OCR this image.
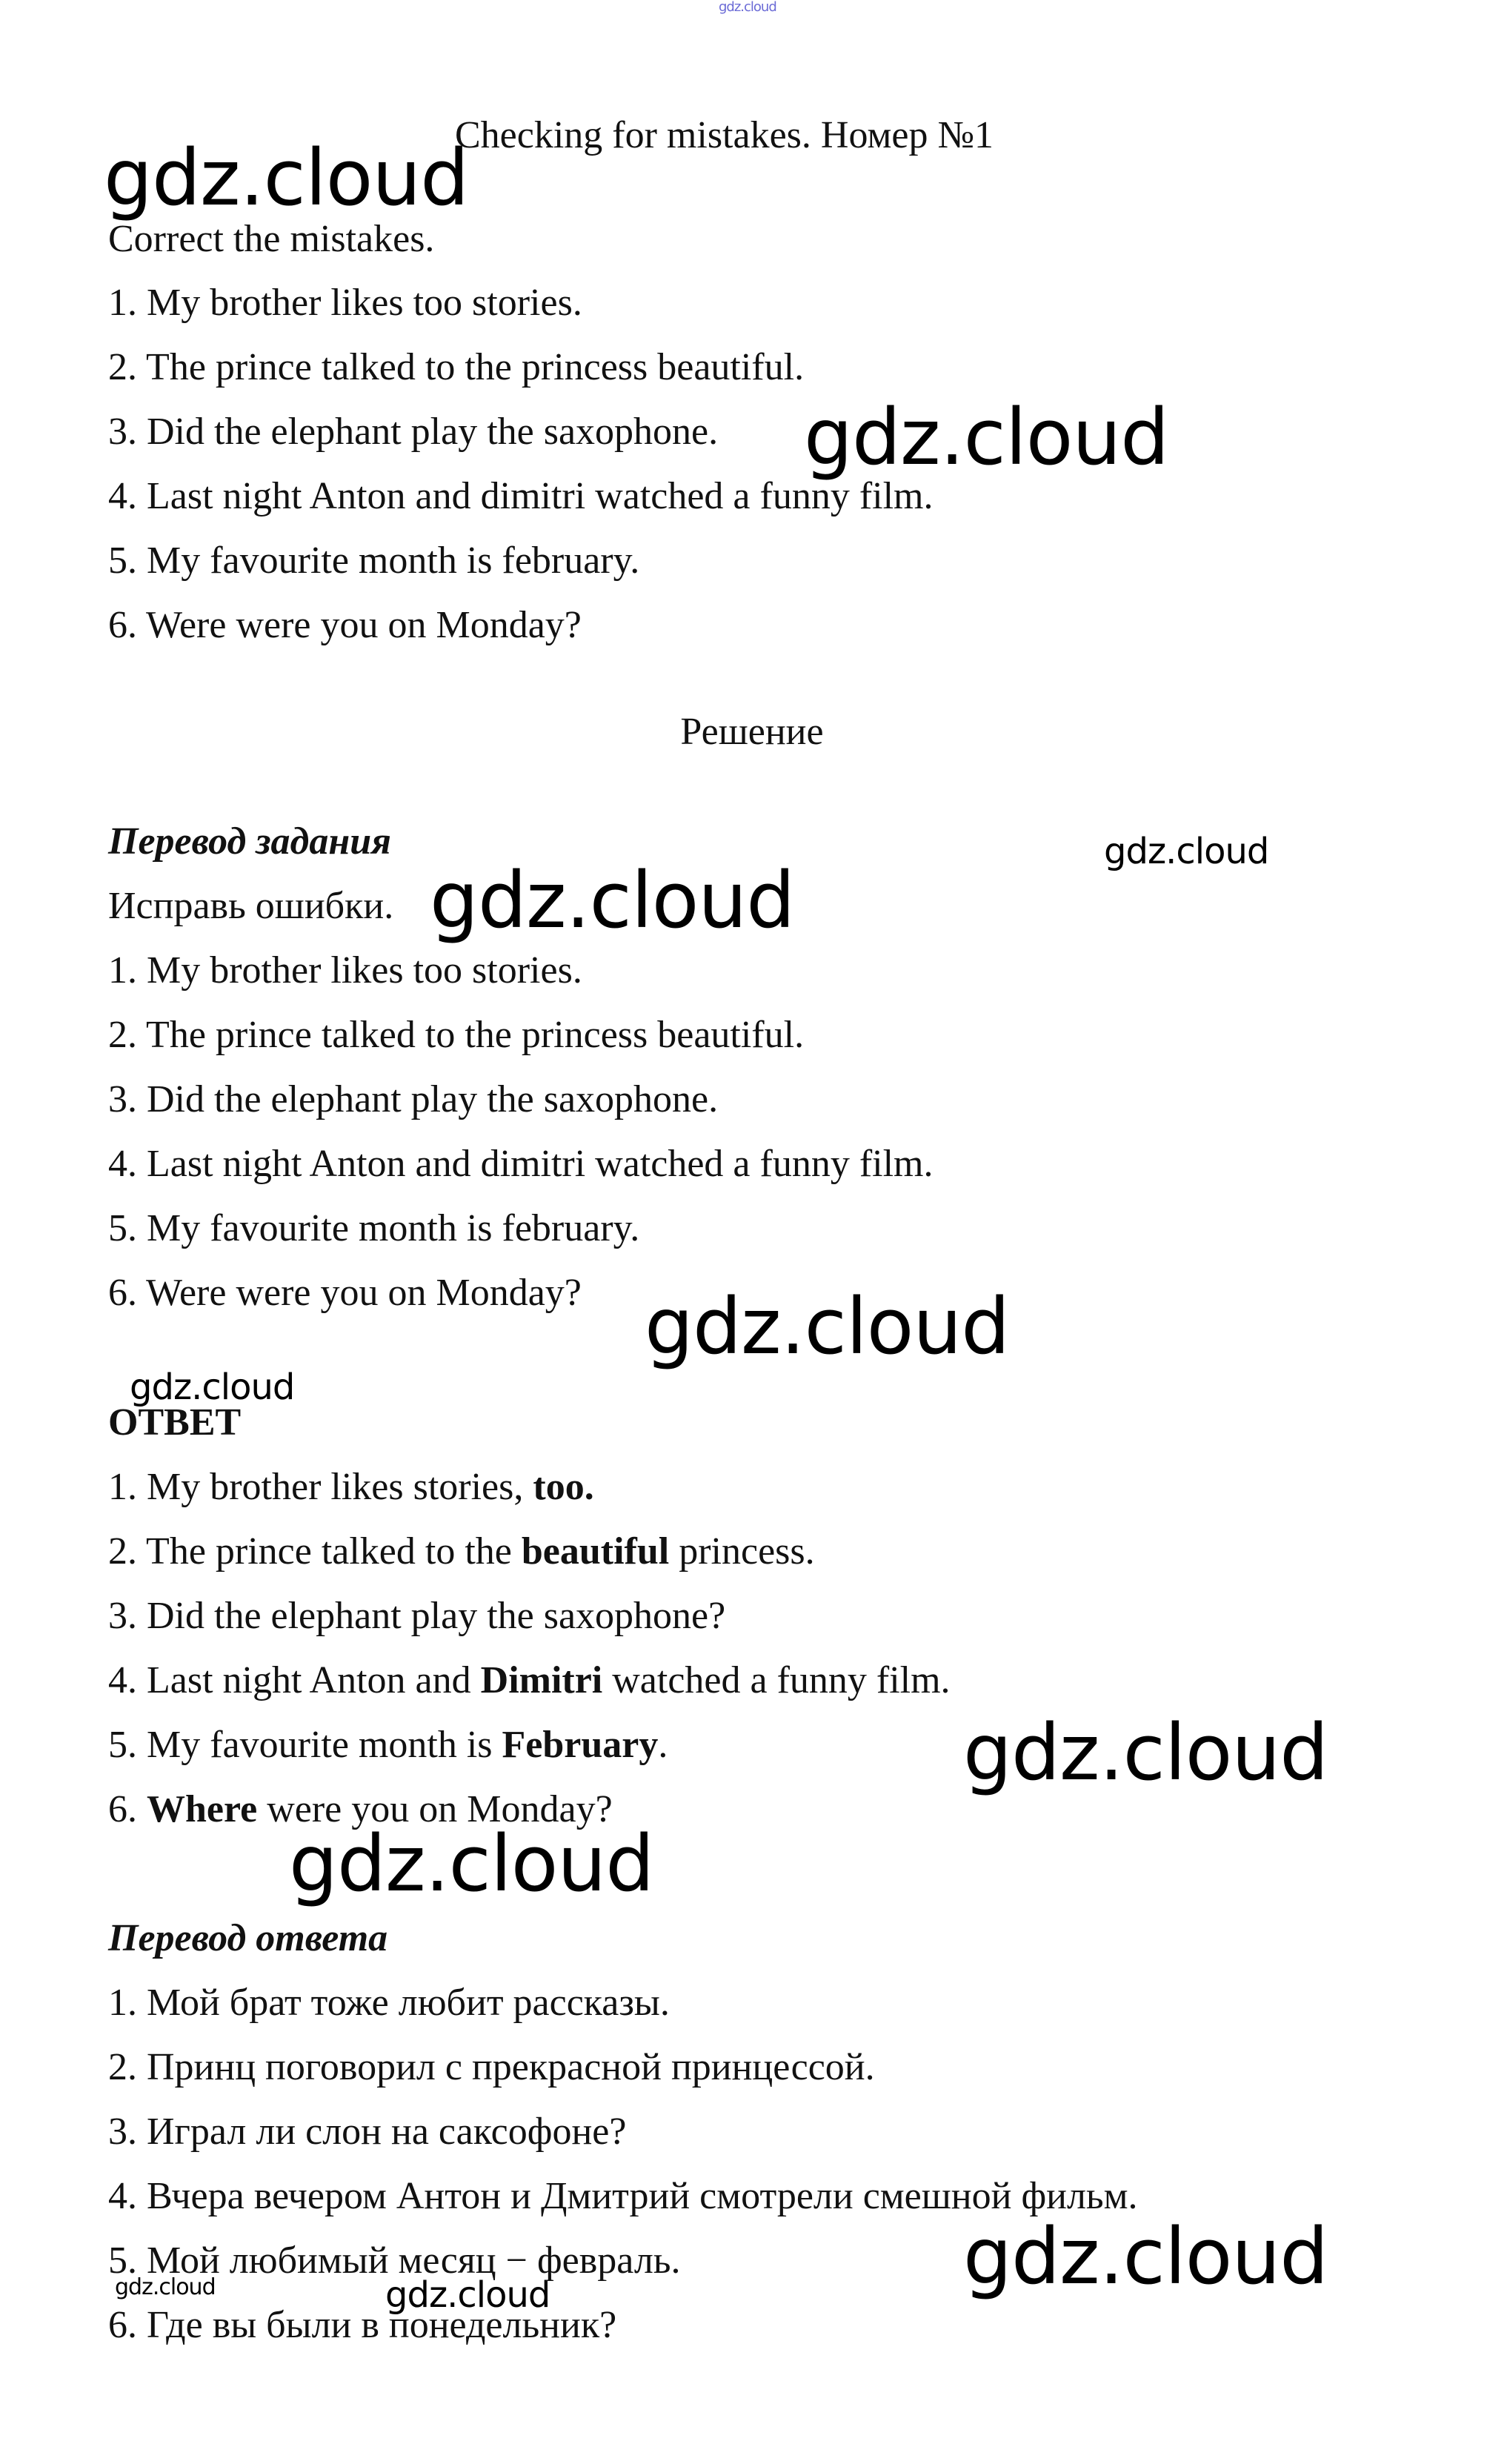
gdz.cloud
gdz.cloud
gdz.cloud
gdz.cloud
gdz.cloud
gdz.cloud
gdz.cloud
gdz.cloud
gdz.cloud
gdz.cloud
gdz.cloud
gdz.cloud
Checking for mistakes. Номер №1
Correct the mistakes.
1. My brother likes too stories.
2. The prince talked to the princess beautiful.
3. Did the elephant play the saxophone.
4. Last night Anton and dimitri watched a funny film.
5. My favourite month is february.
6. Were were you on Monday?
Решение
Перевод задания
Исправь ошибки.
1. My brother likes too stories.
2. The prince talked to the princess beautiful.
3. Did the elephant play the saxophone.
4. Last night Anton and dimitri watched a funny film.
5. My favourite month is february.
6. Were were you on Monday?
ОТВЕТ
1. My brother likes stories, too.
2. The prince talked to the beautiful princess.
3. Did the elephant play the saxophone?
4. Last night Anton and Dimitri watched a funny film.
5. My favourite month is February.
6. Where were you on Monday?
Перевод ответа
1. Мой брат тоже любит рассказы.
2. Принц поговорил с прекрасной принцессой.
3. Играл ли слон на саксофоне?
4. Вчера вечером Антон и Дмитрий смотрели смешной фильм.
5. Мой любимый месяц − февраль.
6. Где вы были в понедельник?
